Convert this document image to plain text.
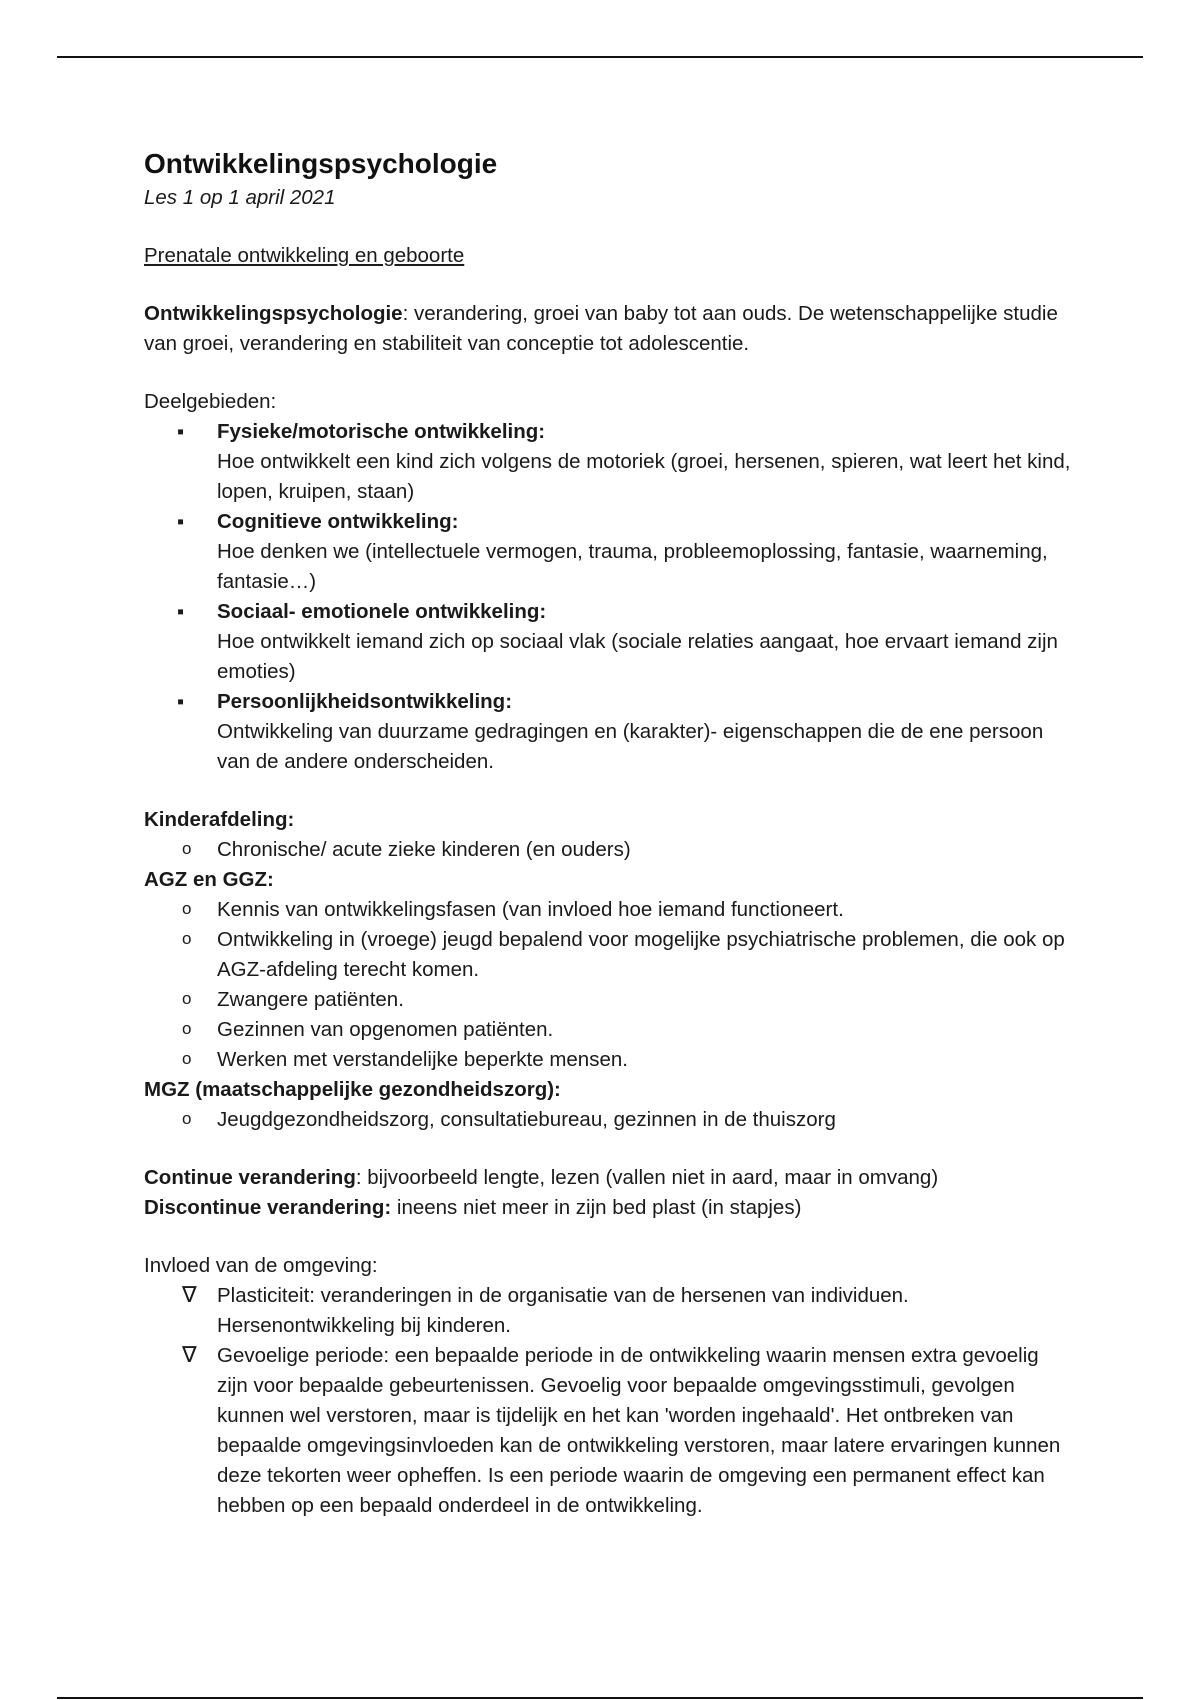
Ontwikkelingspsychologie

Les 1 op 1 april 2021

Prenatale ontwikkeling en geboorte

Ontwikkelingspsychologie: verandering, groei van baby tot aan ouds. De wetenschappelijke studie van groei, verandering en stabiliteit van conceptie tot adolescentie.

Deelgebieden:

▪ Fysieke/motorische ontwikkeling:
Hoe ontwikkelt een kind zich volgens de motoriek (groei, hersenen, spieren, wat leert het kind, lopen, kruipen, staan)
▪ Cognitieve ontwikkeling:
Hoe denken we (intellectuele vermogen, trauma, probleemoplossing, fantasie, waarneming, fantasie…)
▪ Sociaal- emotionele ontwikkeling:
Hoe ontwikkelt iemand zich op sociaal vlak (sociale relaties aangaat, hoe ervaart iemand zijn emoties)
▪ Persoonlijkheidsontwikkeling:
Ontwikkeling van duurzame gedragingen en (karakter)- eigenschappen die de ene persoon van de andere onderscheiden.

Kinderafdeling:

o Chronische/ acute zieke kinderen (en ouders)

AGZ en GGZ:

o Kennis van ontwikkelingsfasen (van invloed hoe iemand functioneert.
o Ontwikkeling in (vroege) jeugd bepalend voor mogelijke psychiatrische problemen, die ook op AGZ-afdeling terecht komen.
o Zwangere patiënten.
o Gezinnen van opgenomen patiënten.
o Werken met verstandelijke beperkte mensen.

MGZ (maatschappelijke gezondheidszorg):

o Jeugdgezondheidszorg, consultatiebureau, gezinnen in de thuiszorg

Continue verandering: bijvoorbeeld lengte, lezen (vallen niet in aard, maar in omvang)

Discontinue verandering: ineens niet meer in zijn bed plast (in stapjes)

Invloed van de omgeving:

∇ Plasticiteit: veranderingen in de organisatie van de hersenen van individuen. Hersenontwikkeling bij kinderen.
∇ Gevoelige periode: een bepaalde periode in de ontwikkeling waarin mensen extra gevoelig zijn voor bepaalde gebeurtenissen. Gevoelig voor bepaalde omgevingsstimuli, gevolgen kunnen wel verstoren, maar is tijdelijk en het kan 'worden ingehaald'. Het ontbreken van bepaalde omgevingsinvloeden kan de ontwikkeling verstoren, maar latere ervaringen kunnen deze tekorten weer opheffen. Is een periode waarin de omgeving een permanent effect kan hebben op een bepaald onderdeel in de ontwikkeling.
